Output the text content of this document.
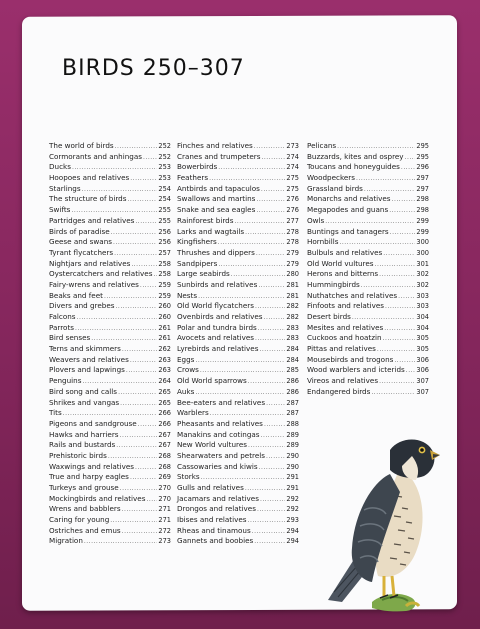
BIRDS 250–307
The world of birds .....	252
Cormorants and anhingas ..... 252
Ducks .....	253
Hoopoes and relatives .....	253
Starlings .....	254
The structure of birds .....	254
Swifts .....	255
Partridges and relatives .....	255
Birds of paradise .....	256
Geese and swans .....	256
Tyrant flycatchers .....	257
Nightjars and relatives .....	258
Oystercatchers and relatives ..... 258
Fairy-wrens and relatives .....	259
Beaks and feet .....	259
Divers and grebes .....	260
Falcons .....	260
Parrots .....	261
Bird senses .....	261
Terns and skimmers .....	262
Weavers and relatives .....	263
Plovers and lapwings .....	263
Penguins .....	264
Bird song and calls .....	265
Shrikes and vangas .....	265
Tits .....	266
Pigeons and sandgrouse .....	266
Hawks and harriers .....	267
Rails and bustards .....	267
Prehistoric birds .....	268
Waxwings and relatives .....	268
True and harpy eagles .....	269
Turkeys and grouse .....	270
Mockingbirds and relatives ..... 270
Wrens and babblers .....	271
Caring for young .....	271
Ostriches and emus .....	272
Migration .....	273
Finches and relatives .....	273
Cranes and trumpeters .....	274
Bowerbirds .....	274
Feathers .....	275
Antbirds and tapaculos .....	275
Swallows and martins .....	276
Snake and sea eagles .....	276
Rainforest birds .....	277
Larks and wagtails .....	278
Kingfishers .....	278
Thrushes and dippers .....	279
Sandpipers .....	279
Large seabirds .....	280
Sunbirds and relatives .....	281
Nests .....	281
Old World flycatchers .....	282
Ovenbirds and relatives .....	282
Polar and tundra birds .....	283
Avocets and relatives .....	283
Lyrebirds and relatives .....	284
Eggs .....	284
Crows .....	285
Old World sparrows .....	286
Auks .....	286
Bee-eaters and relatives .....	287
Warblers .....	287
Pheasants and relatives .....	288
Manakins and cotingas .....	289
New World vultures .....	289
Shearwaters and petrels .....	290
Cassowaries and kiwis .....	290
Storks .....	291
Gulls and relatives .....	291
Jacamars and relatives .....	292
Drongos and relatives .....	292
Ibises and relatives .....	293
Rheas and tinamous .....	294
Gannets and boobies .....	294
Pelicans .....	295
Buzzards, kites and osprey ..... 295
Toucans and honeyguides .....	296
Woodpeckers .....	297
Grassland birds .....	297
Monarchs and relatives .....	298
Megapodes and guans .....	298
Owls .....	299
Buntings and tanagers .....	299
Hornbills .....	300
Bulbuls and relatives .....	300
Old World vultures .....	301
Herons and bitterns .....	302
Hummingbirds .....	302
Nuthatches and relatives .....	303
Finfoots and relatives .....	303
Desert birds .....	304
Mesites and relatives .....	304
Cuckoos and hoatzin .....	305
Pittas and relatives .....	305
Mousebirds and trogons .....	306
Wood warblers and icterids ..... 306
Vireos and relatives .....	307
Endangered birds .....	307
